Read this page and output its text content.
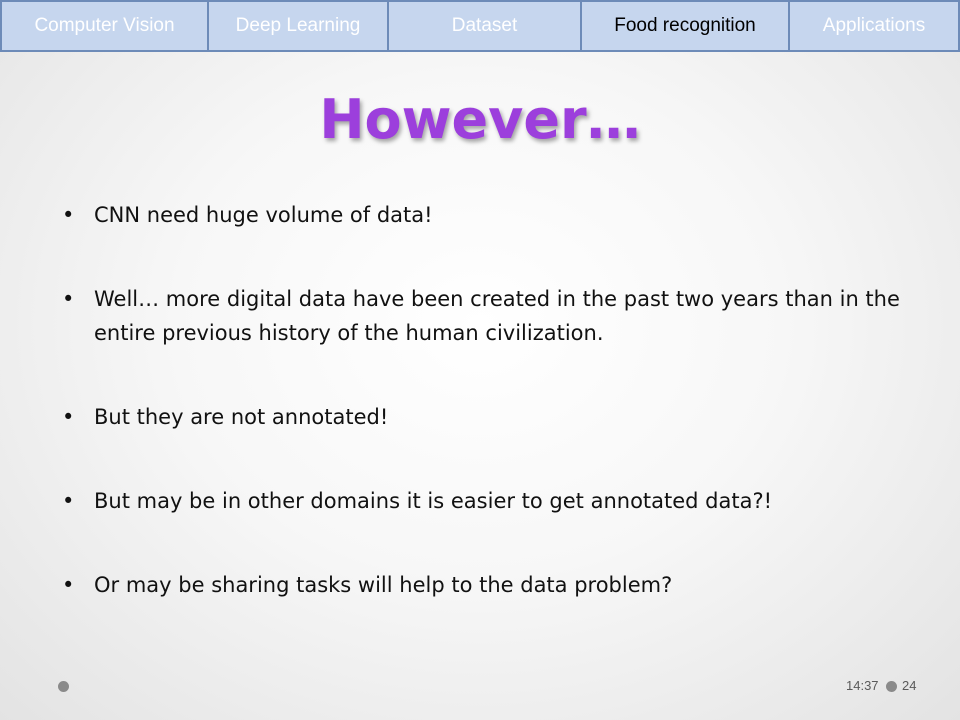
Computer Vision	Deep Learning	Dataset	Food recognition	Applications
However…
• CNN need huge volume of data!
• Well… more digital data have been created in the past two years than in the entire previous history of the human civilization.
• But they are not annotated!
• But may be in other domains it is easier to get annotated data?!
• Or may be sharing tasks will help to the data problem?
14:37 24
